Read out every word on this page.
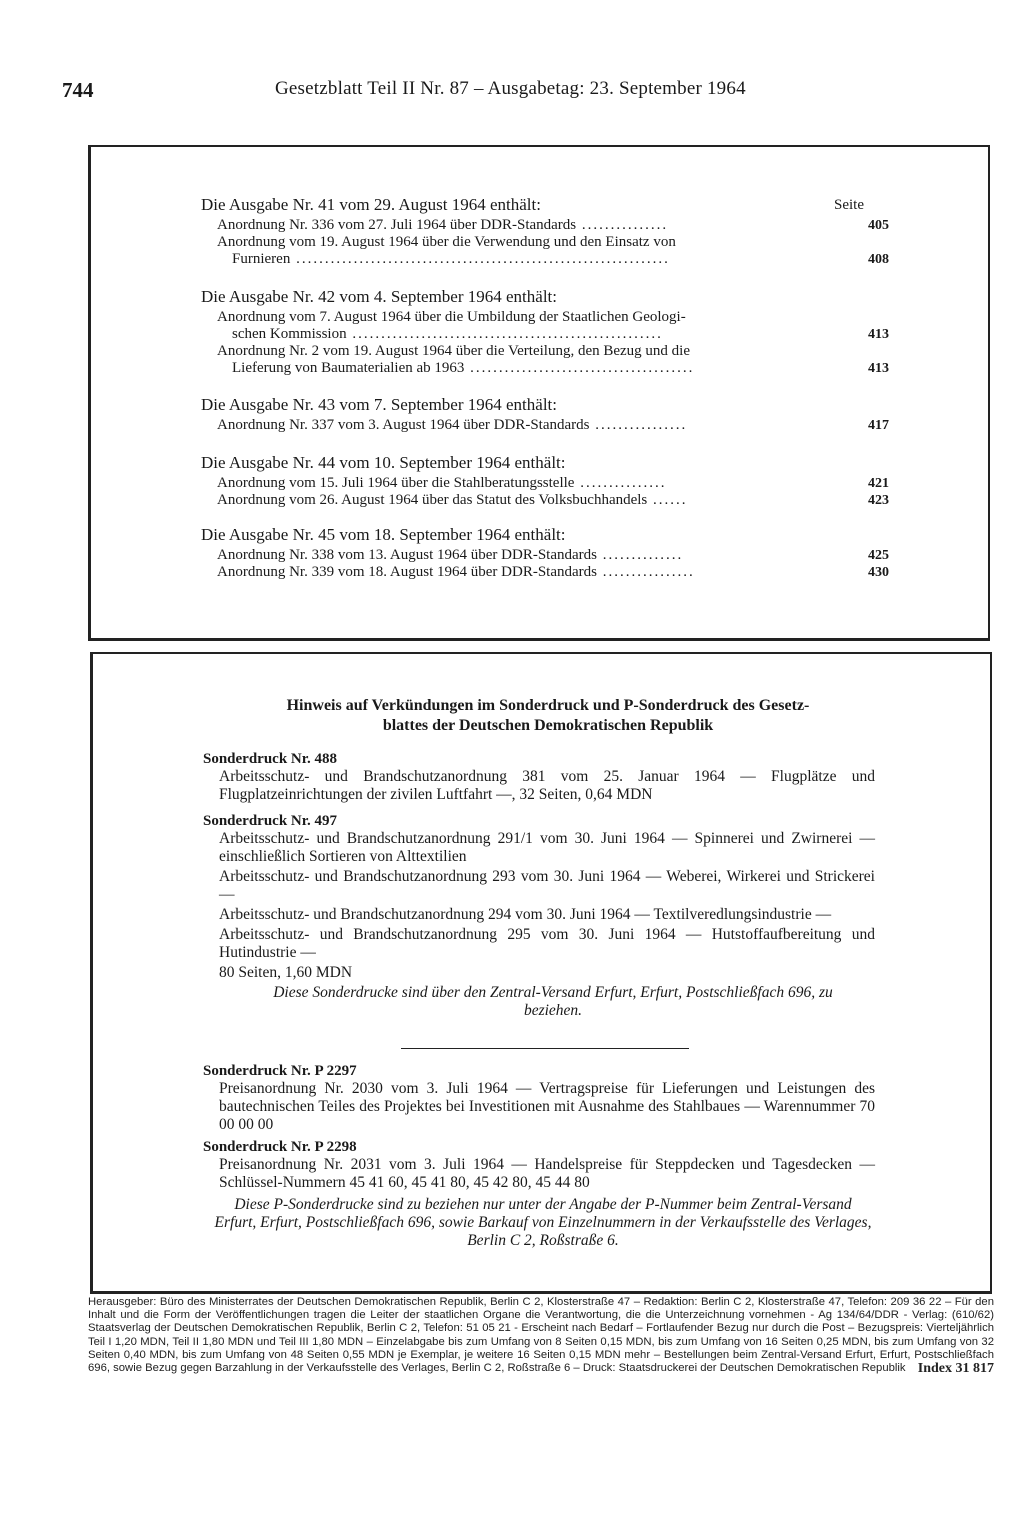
744	Gesetzblatt Teil II Nr. 87 – Ausgabetag: 23. September 1964
Seite
Die Ausgabe Nr. 41 vom 29. August 1964 enthält:
Anordnung Nr. 336 vom 27. Juli 1964 über DDR-Standards ...............	405
Anordnung vom 19. August 1964 über die Verwendung und den Einsatz von
Furnieren .................................................................	408
Die Ausgabe Nr. 42 vom 4. September 1964 enthält:
Anordnung vom 7. August 1964 über die Umbildung der Staatlichen Geologi-
schen Kommission ......................................................	413
Anordnung Nr. 2 vom 19. August 1964 über die Verteilung, den Bezug und die
Lieferung von Baumaterialien ab 1963 .......................................	413
Die Ausgabe Nr. 43 vom 7. September 1964 enthält:
Anordnung Nr. 337 vom 3. August 1964 über DDR-Standards ................	417
Die Ausgabe Nr. 44 vom 10. September 1964 enthält:
Anordnung vom 15. Juli 1964 über die Stahlberatungsstelle ...............	421
Anordnung vom 26. August 1964 über das Statut des Volksbuchhandels ......	423
Die Ausgabe Nr. 45 vom 18. September 1964 enthält:
Anordnung Nr. 338 vom 13. August 1964 über DDR-Standards ..............	425
Anordnung Nr. 339 vom 18. August 1964 über DDR-Standards ................	430
Hinweis auf Verkündungen im Sonderdruck und P-Sonderdruck des Gesetz-
blattes der Deutschen Demokratischen Republik
Sonderdruck Nr. 488

Arbeitsschutz- und Brandschutzanordnung 381 vom 25. Januar 1964 — Flugplätze und Flugplatzeinrichtungen der zivilen Luftfahrt —, 32 Seiten, 0,64 MDN

Sonderdruck Nr. 497

Arbeitsschutz- und Brandschutzanordnung 291/1 vom 30. Juni 1964 — Spinnerei und Zwirnerei — einschließlich Sortieren von Alttextilien

Arbeitsschutz- und Brandschutzanordnung 293 vom 30. Juni 1964 — Weberei, Wirkerei und Strickerei —

Arbeitsschutz- und Brandschutzanordnung 294 vom 30. Juni 1964 — Textilveredlungsindustrie —

Arbeitsschutz- und Brandschutzanordnung 295 vom 30. Juni 1964 — Hutstoffaufbereitung und Hutindustrie —

80 Seiten, 1,60 MDN

Diese Sonderdrucke sind über den Zentral-Versand Erfurt, Erfurt, Postschließfach 696, zu beziehen.
Sonderdruck Nr. P 2297

Preisanordnung Nr. 2030 vom 3. Juli 1964 — Vertragspreise für Lieferungen und Leistungen des bautechnischen Teiles des Projektes bei Investitionen mit Ausnahme des Stahlbaues — Warennummer 70 00 00 00

Sonderdruck Nr. P 2298

Preisanordnung Nr. 2031 vom 3. Juli 1964 — Handelspreise für Steppdecken und Tagesdecken — Schlüssel-Nummern 45 41 60, 45 41 80, 45 42 80, 45 44 80

Diese P-Sonderdrucke sind zu beziehen nur unter der Angabe der P-Nummer beim Zentral-Versand Erfurt, Erfurt, Postschließfach 696, sowie Barkauf von Einzelnummern in der Verkaufsstelle des Verlages, Berlin C 2, Roßstraße 6.
Herausgeber: Büro des Ministerrates der Deutschen Demokratischen Republik, Berlin C 2, Klosterstraße 47 – Redaktion: Berlin C 2, Klosterstraße 47, Telefon: 209 36 22 – Für den Inhalt und die Form der Veröffentlichungen tragen die Leiter der staatlichen Organe die Verantwortung, die die Unterzeichnung vornehmen - Ag 134/64/DDR - Verlag: (610/62) Staatsverlag der Deutschen Demokratischen Republik, Berlin C 2, Telefon: 51 05 21 - Erscheint nach Bedarf – Fortlaufender Bezug nur durch die Post – Bezugspreis: Vierteljährlich Teil I 1,20 MDN, Teil II 1,80 MDN und Teil III 1,80 MDN – Einzelabgabe bis zum Umfang von 8 Seiten 0,15 MDN, bis zum Umfang von 16 Seiten 0,25 MDN, bis zum Umfang von 32 Seiten 0,40 MDN, bis zum Umfang von 48 Seiten 0,55 MDN je Exemplar, je weitere 16 Seiten 0,15 MDN mehr – Bestellungen beim Zentral-Versand Erfurt, Erfurt, Postschließfach 696, sowie Bezug gegen Barzahlung in der Verkaufsstelle des Verlages, Berlin C 2, Roßstraße 6 – Druck: Staatsdruckerei der Deutschen Demokratischen Republik Index 31 817
